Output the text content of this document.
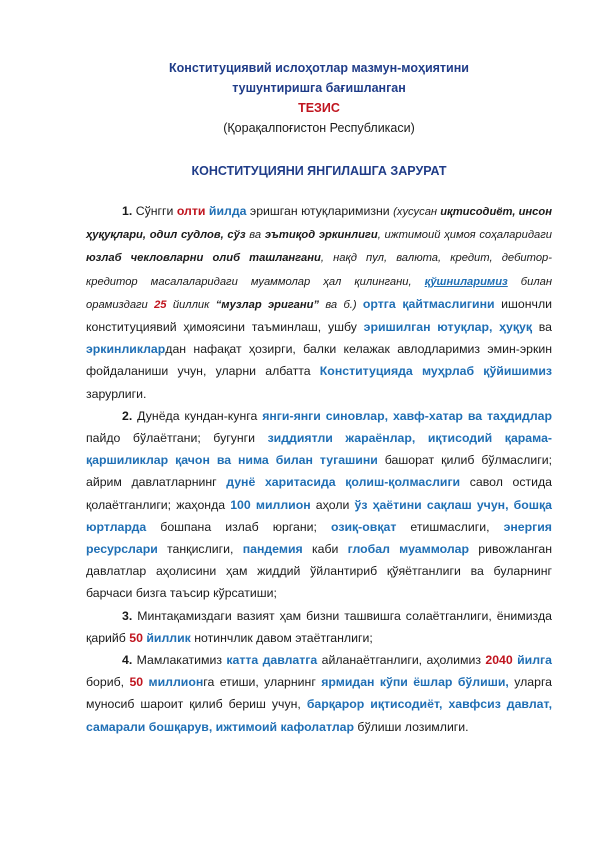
Конституциявий ислоҳотлар мазмун-моҳиятини
тушунтиришга бағишланган
ТЕЗИС
(Қорақалпоғистон Республикаси)
КОНСТИТУЦИЯНИ ЯНГИЛАШГА ЗАРУРАТ

1. Сўнгги олти йилда эришган ютуқларимизни (хусусан иқтисодиёт, инсон ҳуқуқлари, одил судлов, сўз ва эътиқод эркинлиги, ижтимоий ҳимоя соҳаларидаги юзлаб чекловларни олиб ташлангани, нақд пул, валюта, кредит, дебитор-кредитор масалаларидаги муаммолар ҳал қилингани, қўшниларимиз билан орамиздаги 25 йиллик “музлар эригани” ва б.) ортга қайтмаслигини ишончли конституциявий ҳимоясини таъминлаш, ушбу эришилган ютуқлар, ҳуқуқ ва эркинликлардан нафақат ҳозирги, балки келажак авлодларимиз эмин-эркин фойдаланиши учун, уларни албатта Конституцияда муҳрлаб қўйишимиз зарурлиги.

2. Дунёда кундан-кунга янги-янги синовлар, хавф-хатар ва таҳдидлар пайдо бўлаётгани; бугунги зиддиятли жараёнлар, иқтисодий қарама-қаршиликлар қачон ва нима билан тугашини башорат қилиб бўлмаслиги; айрим давлатларнинг дунё харитасида қолиш-қолмаслиги савол остида қолаётганлиги; жаҳонда 100 миллион аҳоли ўз ҳаётини сақлаш учун, бошқа юртларда бошпана излаб юргани; озиқ-овқат етишмаслиги, энергия ресурслари танқислиги, пандемия каби глобал муаммолар ривожланган давлатлар аҳолисини ҳам жиддий ўйлантириб қўяётганлиги ва буларнинг барчаси бизга таъсир кўрсатиши;

3. Минтақамиздаги вазият ҳам бизни ташвишга солаётганлиги, ёнимизда қарийб 50 йиллик нотинчлик давом этаётганлиги;

4. Мамлакатимиз катта давлатга айланаётганлиги, аҳолимиз 2040 йилга бориб, 50 миллионга етиши, уларнинг ярмидан кўпи ёшлар бўлиши, уларга муносиб шароит қилиб бериш учун, барқарор иқтисодиёт, хавфсиз давлат, самарали бошқарув, ижтимоий кафолатлар бўлиши лозимлиги.
